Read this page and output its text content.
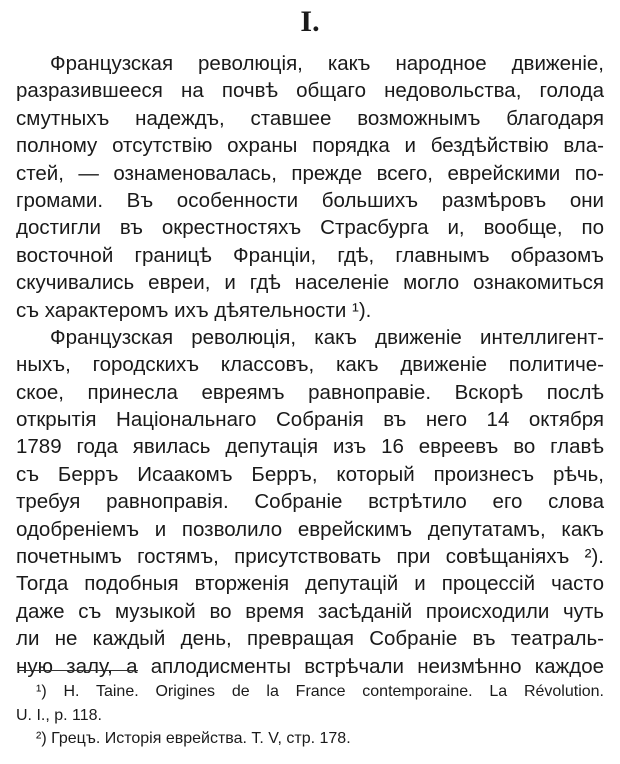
I.
Французская революція, какъ народное движеніе,
разразившееся на почвѣ общаго недовольства, голода
смутныхъ надеждъ, ставшее возможнымъ благодаря
полному отсутствію охраны порядка и бездѣйствію вла-
стей, — ознаменовалась, прежде всего, еврейскими по-
громами. Въ особенности большихъ размѣровъ они
достигли въ окрестностяхъ Страсбурга и, вообще, по
восточной границѣ Франціи, гдѣ, главнымъ образомъ
скучивались евреи, и гдѣ населеніе могло ознакомиться
съ характеромъ ихъ дѣятельности ¹).
Французская революція, какъ движеніе интеллигент-
ныхъ, городскихъ классовъ, какъ движеніе политиче-
ское, принесла евреямъ равноправіе. Вскорѣ послѣ
открытія Національнаго Собранія въ него 14 октября
1789 года явилась депутація изъ 16 евреевъ во главѣ
съ Берръ Исаакомъ Берръ, который произнесъ рѣчь,
требуя равноправія. Собраніе встрѣтило его слова
одобреніемъ и позволило еврейскимъ депутатамъ, какъ
почетнымъ гостямъ, присутствовать при совѣщаніяхъ ²).
Тогда подобныя вторженія депутацій и процессій часто
даже съ музыкой во время засѣданій происходили чуть
ли не каждый день, превращая Собраніе въ театраль-
ную залу, а аплодисменты встрѣчали неизмѣнно каждое
¹) H. Taine. Origines de la France contemporaine. La Révolution.
U. I., p. 118.
²) Грецъ. Исторія еврейства. T. V, стр. 178.
